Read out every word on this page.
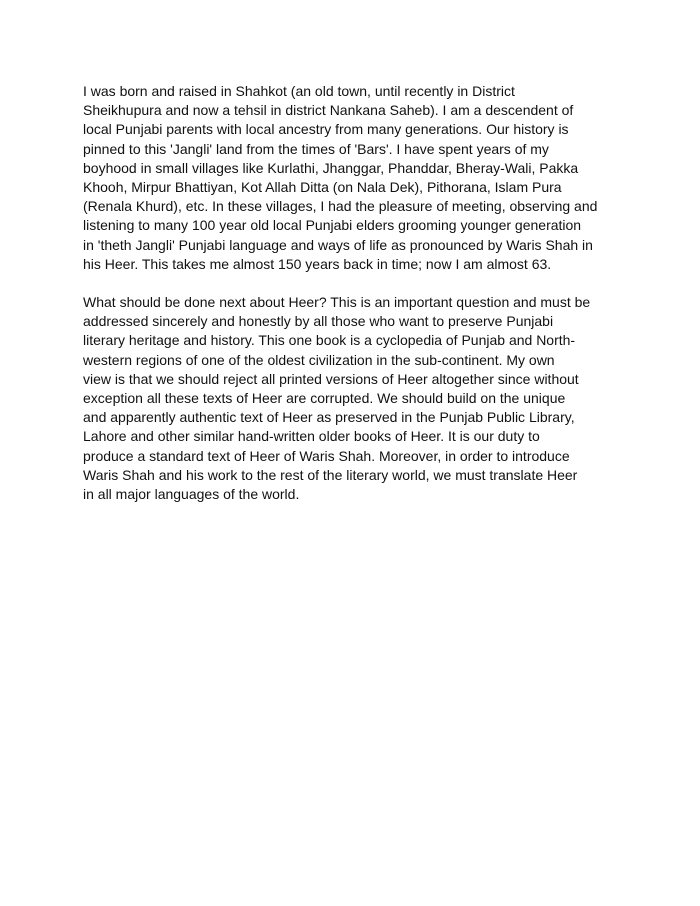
I was born and raised in Shahkot (an old town, until recently in District
Sheikhupura and now a tehsil in district Nankana Saheb). I am a descendent of
local Punjabi parents with local ancestry from many generations. Our history is
pinned to this 'Jangli' land from the times of 'Bars'. I have spent years of my
boyhood in small villages like Kurlathi, Jhanggar, Phanddar, Bheray-Wali, Pakka
Khooh, Mirpur Bhattiyan, Kot Allah Ditta (on Nala Dek), Pithorana, Islam Pura
(Renala Khurd), etc. In these villages, I had the pleasure of meeting, observing and
listening to many 100 year old local Punjabi elders grooming younger generation
in 'theth Jangli' Punjabi language and ways of life as pronounced by Waris Shah in
his Heer. This takes me almost 150 years back in time; now I am almost 63.

What should be done next about Heer? This is an important question and must be
addressed sincerely and honestly by all those who want to preserve Punjabi
literary heritage and history. This one book is a cyclopedia of Punjab and North-
western regions of one of the oldest civilization in the sub-continent. My own
view is that we should reject all printed versions of Heer altogether since without
exception all these texts of Heer are corrupted. We should build on the unique
and apparently authentic text of Heer as preserved in the Punjab Public Library,
Lahore and other similar hand-written older books of Heer. It is our duty to
produce a standard text of Heer of Waris Shah. Moreover, in order to introduce
Waris Shah and his work to the rest of the literary world, we must translate Heer
in all major languages of the world.
